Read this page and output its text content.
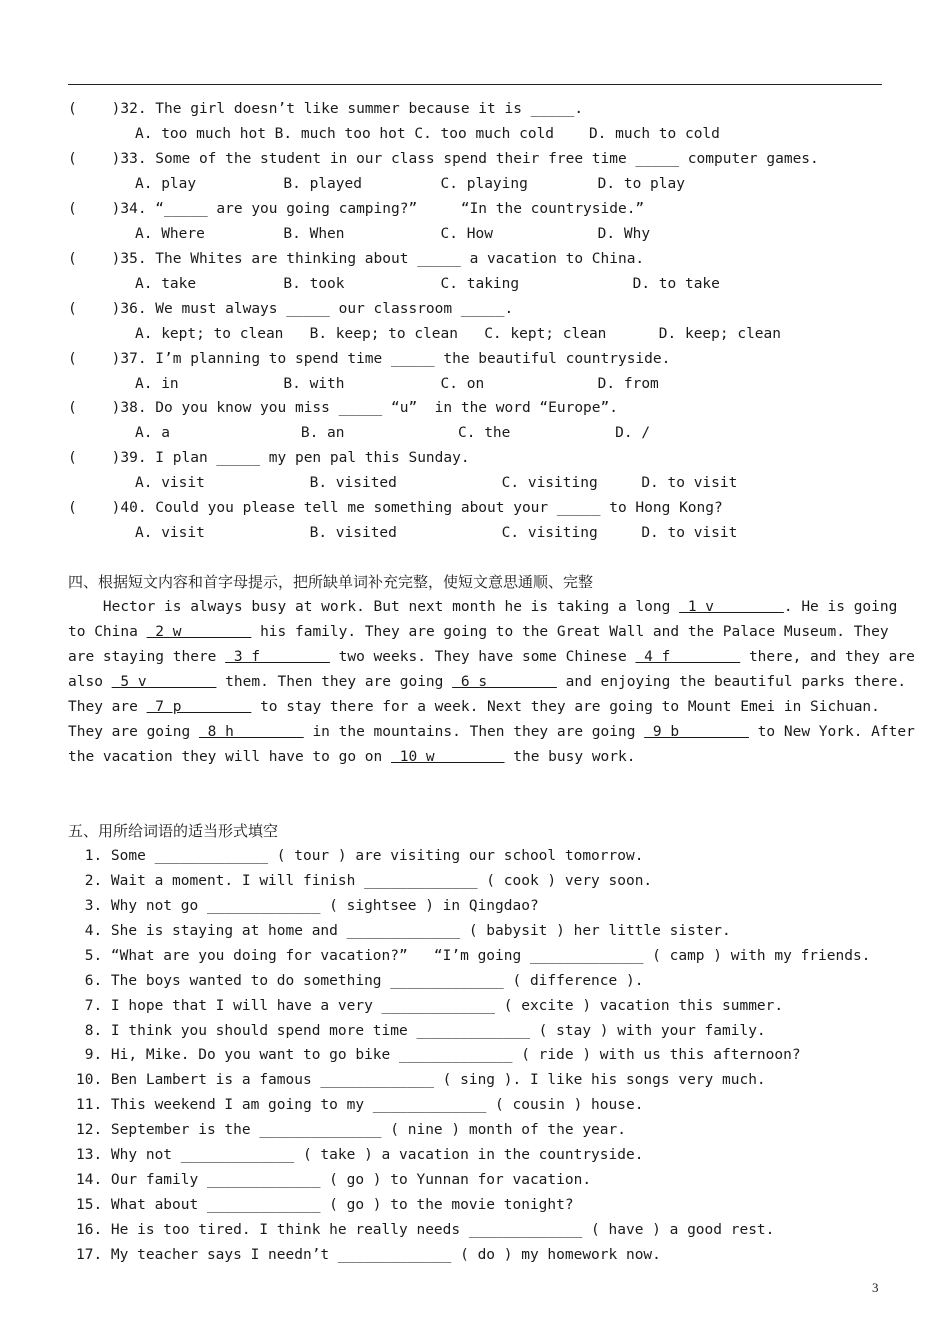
(    )32. The girl doesn’t like summer because it is _____.
A. too much hot B. much too hot C. too much cold    D. much to cold
(    )33. Some of the student in our class spend their free time _____ computer games.
A. play          B. played         C. playing        D. to play
(    )34. “_____ are you going camping?”     “In the countryside.”
A. Where         B. When           C. How            D. Why
(    )35. The Whites are thinking about _____ a vacation to China.
A. take          B. took           C. taking             D. to take
(    )36. We must always _____ our classroom _____.
A. kept; to clean   B. keep; to clean   C. kept; clean      D. keep; clean
(    )37. I’m planning to spend time _____ the beautiful countryside.
A. in            B. with           C. on             D. from
(    )38. Do you know you miss _____ “u”  in the word “Europe”.
A. a               B. an             C. the            D. /
(    )39. I plan _____ my pen pal this Sunday.
A. visit            B. visited            C. visiting     D. to visit
(    )40. Could you please tell me something about your _____ to Hong Kong?
A. visit            B. visited            C. visiting     D. to visit
四、根据短文内容和首字母提示，把所缺单词补充完整，使短文意思通顺、完整
Hector is always busy at work. But next month he is taking a long  1 v        . He is going
to China  2 w         his family. They are going to the Great Wall and the Palace Museum. They
are staying there  3 f         two weeks. They have some Chinese  4 f         there, and they are
also  5 v         them. Then they are going  6 s         and enjoying the beautiful parks there.
They are  7 p         to stay there for a week. Next they are going to Mount Emei in Sichuan.
They are going  8 h         in the mountains. Then they are going  9 b         to New York. After
the vacation they will have to go on  10 w         the busy work.
五、用所给词语的适当形式填空
1. Some _____________ ( tour ) are visiting our school tomorrow.
2. Wait a moment. I will finish _____________ ( cook ) very soon.
3. Why not go _____________ ( sightsee ) in Qingdao?
4. She is staying at home and _____________ ( babysit ) her little sister.
5. “What are you doing for vacation?”   “I’m going _____________ ( camp ) with my friends.
6. The boys wanted to do something _____________ ( difference ).
7. I hope that I will have a very _____________ ( excite ) vacation this summer.
8. I think you should spend more time _____________ ( stay ) with your family.
9. Hi, Mike. Do you want to go bike _____________ ( ride ) with us this afternoon?
10. Ben Lambert is a famous _____________ ( sing ). I like his songs very much.
11. This weekend I am going to my _____________ ( cousin ) house.
12. September is the ______________ ( nine ) month of the year.
13. Why not _____________ ( take ) a vacation in the countryside.
14. Our family _____________ ( go ) to Yunnan for vacation.
15. What about _____________ ( go ) to the movie tonight?
16. He is too tired. I think he really needs _____________ ( have ) a good rest.
17. My teacher says I needn’t _____________ ( do ) my homework now.
3
